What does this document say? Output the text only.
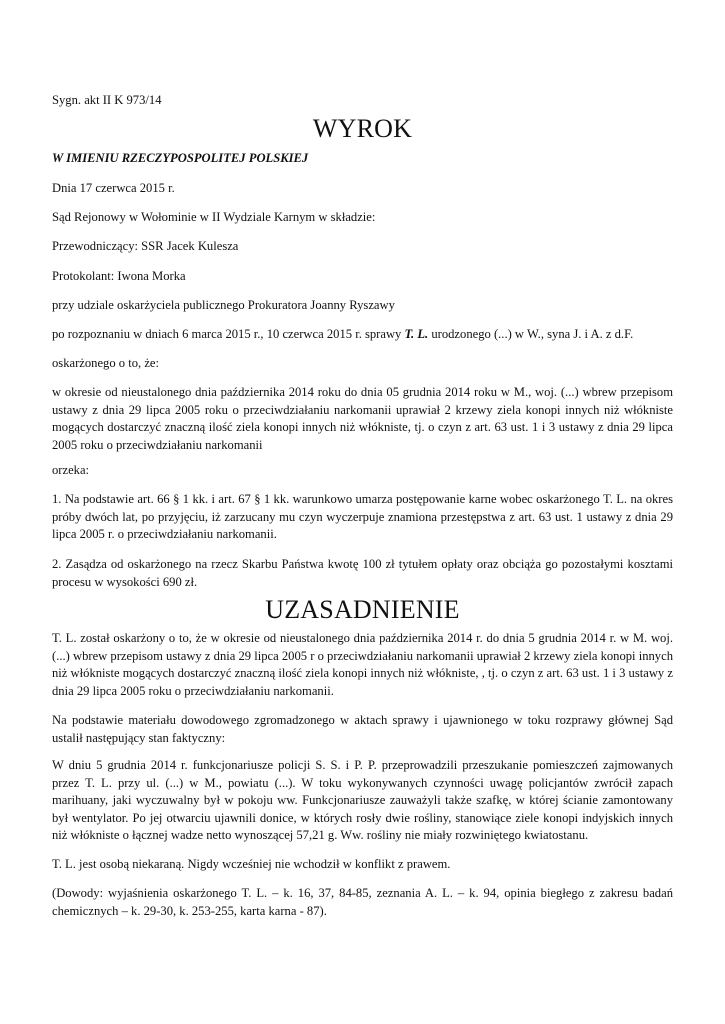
Sygn. akt II K 973/14

WYROK

W IMIENIU RZECZYPOSPOLITEJ POLSKIEJ

Dnia 17 czerwca 2015 r.

Sąd Rejonowy w Wołominie w II Wydziale Karnym w składzie:

Przewodniczący: SSR Jacek Kulesza

Protokolant: Iwona Morka

przy udziale oskarżyciela publicznego Prokuratora Joanny Ryszawy

po rozpoznaniu w dniach 6 marca 2015 r., 10 czerwca 2015 r. sprawy T. L. urodzonego (...) w W., syna J. i A. z d.F.

oskarżonego o to, że:

w okresie od nieustalonego dnia października 2014 roku do dnia 05 grudnia 2014 roku w M., woj. (...) wbrew przepisom ustawy z dnia 29 lipca 2005 roku o przeciwdziałaniu narkomanii uprawiał 2 krzewy ziela konopi innych niż włókniste mogących dostarczyć znaczną ilość ziela konopi innych niż włókniste, tj. o czyn z art. 63 ust. 1 i 3 ustawy z dnia 29 lipca 2005 roku o przeciwdziałaniu narkomanii

orzeka:

1. Na podstawie art. 66 § 1 kk. i art. 67 § 1 kk. warunkowo umarza postępowanie karne wobec oskarżonego T. L. na okres próby dwóch lat, po przyjęciu, iż zarzucany mu czyn wyczerpuje znamiona przestępstwa z art. 63 ust. 1 ustawy z dnia 29 lipca 2005 r. o przeciwdziałaniu narkomanii.

2. Zasądza od oskarżonego na rzecz Skarbu Państwa kwotę 100 zł tytułem opłaty oraz obciąża go pozostałymi kosztami procesu w wysokości 690 zł.

UZASADNIENIE

T. L. został oskarżony o to, że w okresie od nieustalonego dnia października 2014 r. do dnia 5 grudnia 2014 r. w M. woj. (...) wbrew przepisom ustawy z dnia 29 lipca 2005 r o przeciwdziałaniu narkomanii uprawiał 2 krzewy ziela konopi innych niż włókniste mogących dostarczyć znaczną ilość ziela konopi innych niż włókniste, , tj. o czyn z art. 63 ust. 1 i 3 ustawy z dnia 29 lipca 2005 roku o przeciwdziałaniu narkomanii.

Na podstawie materiału dowodowego zgromadzonego w aktach sprawy i ujawnionego w toku rozprawy głównej Sąd ustalił następujący stan faktyczny:

W dniu 5 grudnia 2014 r. funkcjonariusze policji S. S. i P. P. przeprowadzili przeszukanie pomieszczeń zajmowanych przez T. L. przy ul. (...) w M., powiatu (...). W toku wykonywanych czynności uwagę policjantów zwrócił zapach marihuany, jaki wyczuwalny był w pokoju ww. Funkcjonariusze zauważyli także szafkę, w której ścianie zamontowany był wentylator. Po jej otwarciu ujawnili donice, w których rosły dwie rośliny, stanowiące ziele konopi indyjskich innych niż włókniste o łącznej wadze netto wynoszącej 57,21 g. Ww. rośliny nie miały rozwiniętego kwiatostanu.

T. L. jest osobą niekaraną. Nigdy wcześniej nie wchodził w konflikt z prawem.

(Dowody: wyjaśnienia oskarżonego T. L. – k. 16, 37, 84-85, zeznania A. L. – k. 94, opinia biegłego z zakresu badań chemicznych – k. 29-30, k. 253-255, karta karna - 87).
